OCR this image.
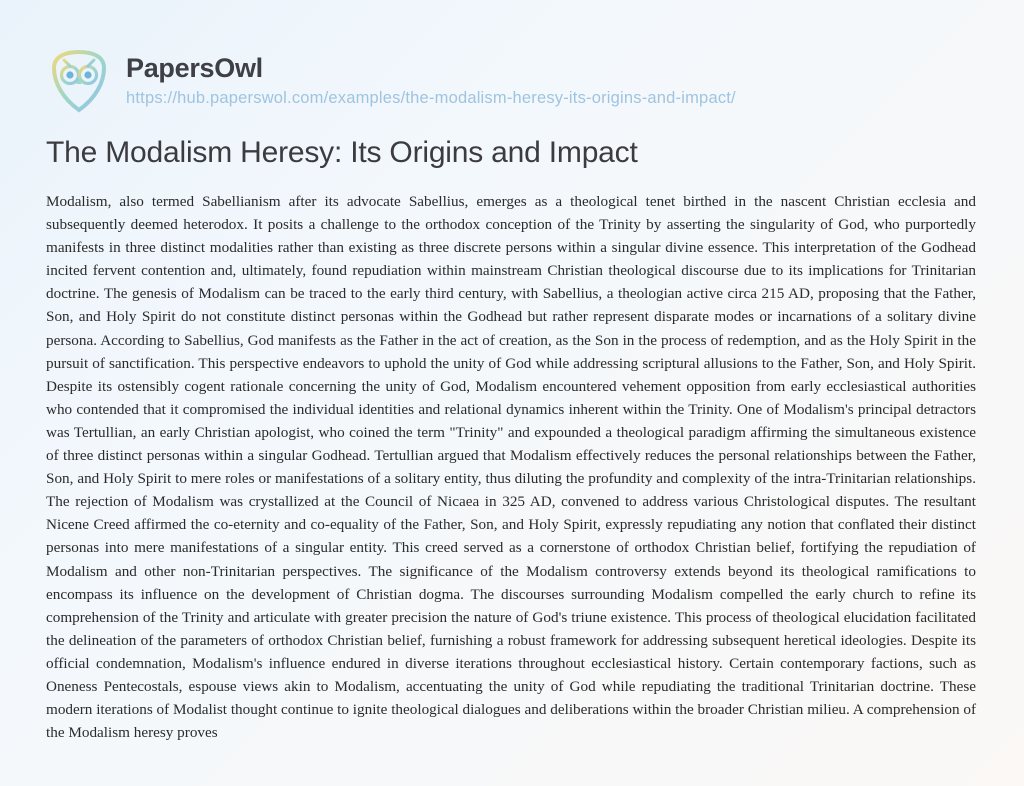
PapersOwl
https://hub.paperswol.com/examples/the-modalism-heresy-its-origins-and-impact/
The Modalism Heresy: Its Origins and Impact
Modalism, also termed Sabellianism after its advocate Sabellius, emerges as a theological tenet birthed in the nascent Christian ecclesia and subsequently deemed heterodox. It posits a challenge to the orthodox conception of the Trinity by asserting the singularity of God, who purportedly manifests in three distinct modalities rather than existing as three discrete persons within a singular divine essence. This interpretation of the Godhead incited fervent contention and, ultimately, found repudiation within mainstream Christian theological discourse due to its implications for Trinitarian doctrine. The genesis of Modalism can be traced to the early third century, with Sabellius, a theologian active circa 215 AD, proposing that the Father, Son, and Holy Spirit do not constitute distinct personas within the Godhead but rather represent disparate modes or incarnations of a solitary divine persona. According to Sabellius, God manifests as the Father in the act of creation, as the Son in the process of redemption, and as the Holy Spirit in the pursuit of sanctification. This perspective endeavors to uphold the unity of God while addressing scriptural allusions to the Father, Son, and Holy Spirit. Despite its ostensibly cogent rationale concerning the unity of God, Modalism encountered vehement opposition from early ecclesiastical authorities who contended that it compromised the individual identities and relational dynamics inherent within the Trinity. One of Modalism's principal detractors was Tertullian, an early Christian apologist, who coined the term "Trinity" and expounded a theological paradigm affirming the simultaneous existence of three distinct personas within a singular Godhead. Tertullian argued that Modalism effectively reduces the personal relationships between the Father, Son, and Holy Spirit to mere roles or manifestations of a solitary entity, thus diluting the profundity and complexity of the intra-Trinitarian relationships. The rejection of Modalism was crystallized at the Council of Nicaea in 325 AD, convened to address various Christological disputes. The resultant Nicene Creed affirmed the co-eternity and co-equality of the Father, Son, and Holy Spirit, expressly repudiating any notion that conflated their distinct personas into mere manifestations of a singular entity. This creed served as a cornerstone of orthodox Christian belief, fortifying the repudiation of Modalism and other non-Trinitarian perspectives. The significance of the Modalism controversy extends beyond its theological ramifications to encompass its influence on the development of Christian dogma. The discourses surrounding Modalism compelled the early church to refine its comprehension of the Trinity and articulate with greater precision the nature of God's triune existence. This process of theological elucidation facilitated the delineation of the parameters of orthodox Christian belief, furnishing a robust framework for addressing subsequent heretical ideologies. Despite its official condemnation, Modalism's influence endured in diverse iterations throughout ecclesiastical history. Certain contemporary factions, such as Oneness Pentecostals, espouse views akin to Modalism, accentuating the unity of God while repudiating the traditional Trinitarian doctrine. These modern iterations of Modalist thought continue to ignite theological dialogues and deliberations within the broader Christian milieu. A comprehension of the Modalism heresy proves
